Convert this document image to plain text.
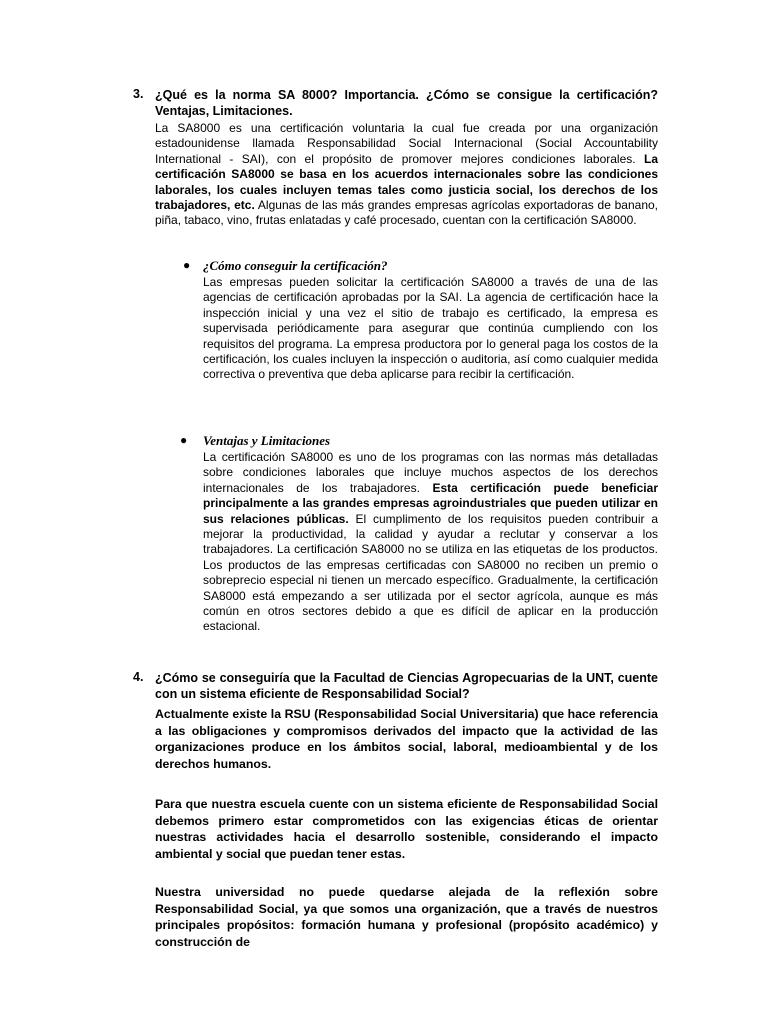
3. ¿Qué es la norma SA 8000? Importancia. ¿Cómo se consigue la certificación? Ventajas, Limitaciones.
La SA8000 es una certificación voluntaria la cual fue creada por una organización estadounidense llamada Responsabilidad Social Internacional (Social Accountability International - SAI), con el propósito de promover mejores condiciones laborales. La certificación SA8000 se basa en los acuerdos internacionales sobre las condiciones laborales, los cuales incluyen temas tales como justicia social, los derechos de los trabajadores, etc. Algunas de las más grandes empresas agrícolas exportadoras de banano, piña, tabaco, vino, frutas enlatadas y café procesado, cuentan con la certificación SA8000.
● ¿Cómo conseguir la certificación?
Las empresas pueden solicitar la certificación SA8000 a través de una de las agencias de certificación aprobadas por la SAI. La agencia de certificación hace la inspección inicial y una vez el sitio de trabajo es certificado, la empresa es supervisada periódicamente para asegurar que continúa cumpliendo con los requisitos del programa. La empresa productora por lo general paga los costos de la certificación, los cuales incluyen la inspección o auditoria, así como cualquier medida correctiva o preventiva que deba aplicarse para recibir la certificación.
● Ventajas y Limitaciones
La certificación SA8000 es uno de los programas con las normas más detalladas sobre condiciones laborales que incluye muchos aspectos de los derechos internacionales de los trabajadores. Esta certificación puede beneficiar principalmente a las grandes empresas agroindustriales que pueden utilizar en sus relaciones públicas. El cumplimento de los requisitos pueden contribuir a mejorar la productividad, la calidad y ayudar a reclutar y conservar a los trabajadores. La certificación SA8000 no se utiliza en las etiquetas de los productos. Los productos de las empresas certificadas con SA8000 no reciben un premio o sobreprecio especial ni tienen un mercado específico. Gradualmente, la certificación SA8000 está empezando a ser utilizada por el sector agrícola, aunque es más común en otros sectores debido a que es difícil de aplicar en la producción estacional.
4. ¿Cómo se conseguiría que la Facultad de Ciencias Agropecuarias de la UNT, cuente con un sistema eficiente de Responsabilidad Social?
Actualmente existe la RSU (Responsabilidad Social Universitaria) que hace referencia a las obligaciones y compromisos derivados del impacto que la actividad de las organizaciones produce en los ámbitos social, laboral, medioambiental y de los derechos humanos.
Para que nuestra escuela cuente con un sistema eficiente de Responsabilidad Social debemos primero estar comprometidos con las exigencias éticas de orientar nuestras actividades hacia el desarrollo sostenible, considerando el impacto ambiental y social que puedan tener estas.
Nuestra universidad no puede quedarse alejada de la reflexión sobre Responsabilidad Social, ya que somos una organización, que a través de nuestros principales propósitos: formación humana y profesional (propósito académico) y construcción de
